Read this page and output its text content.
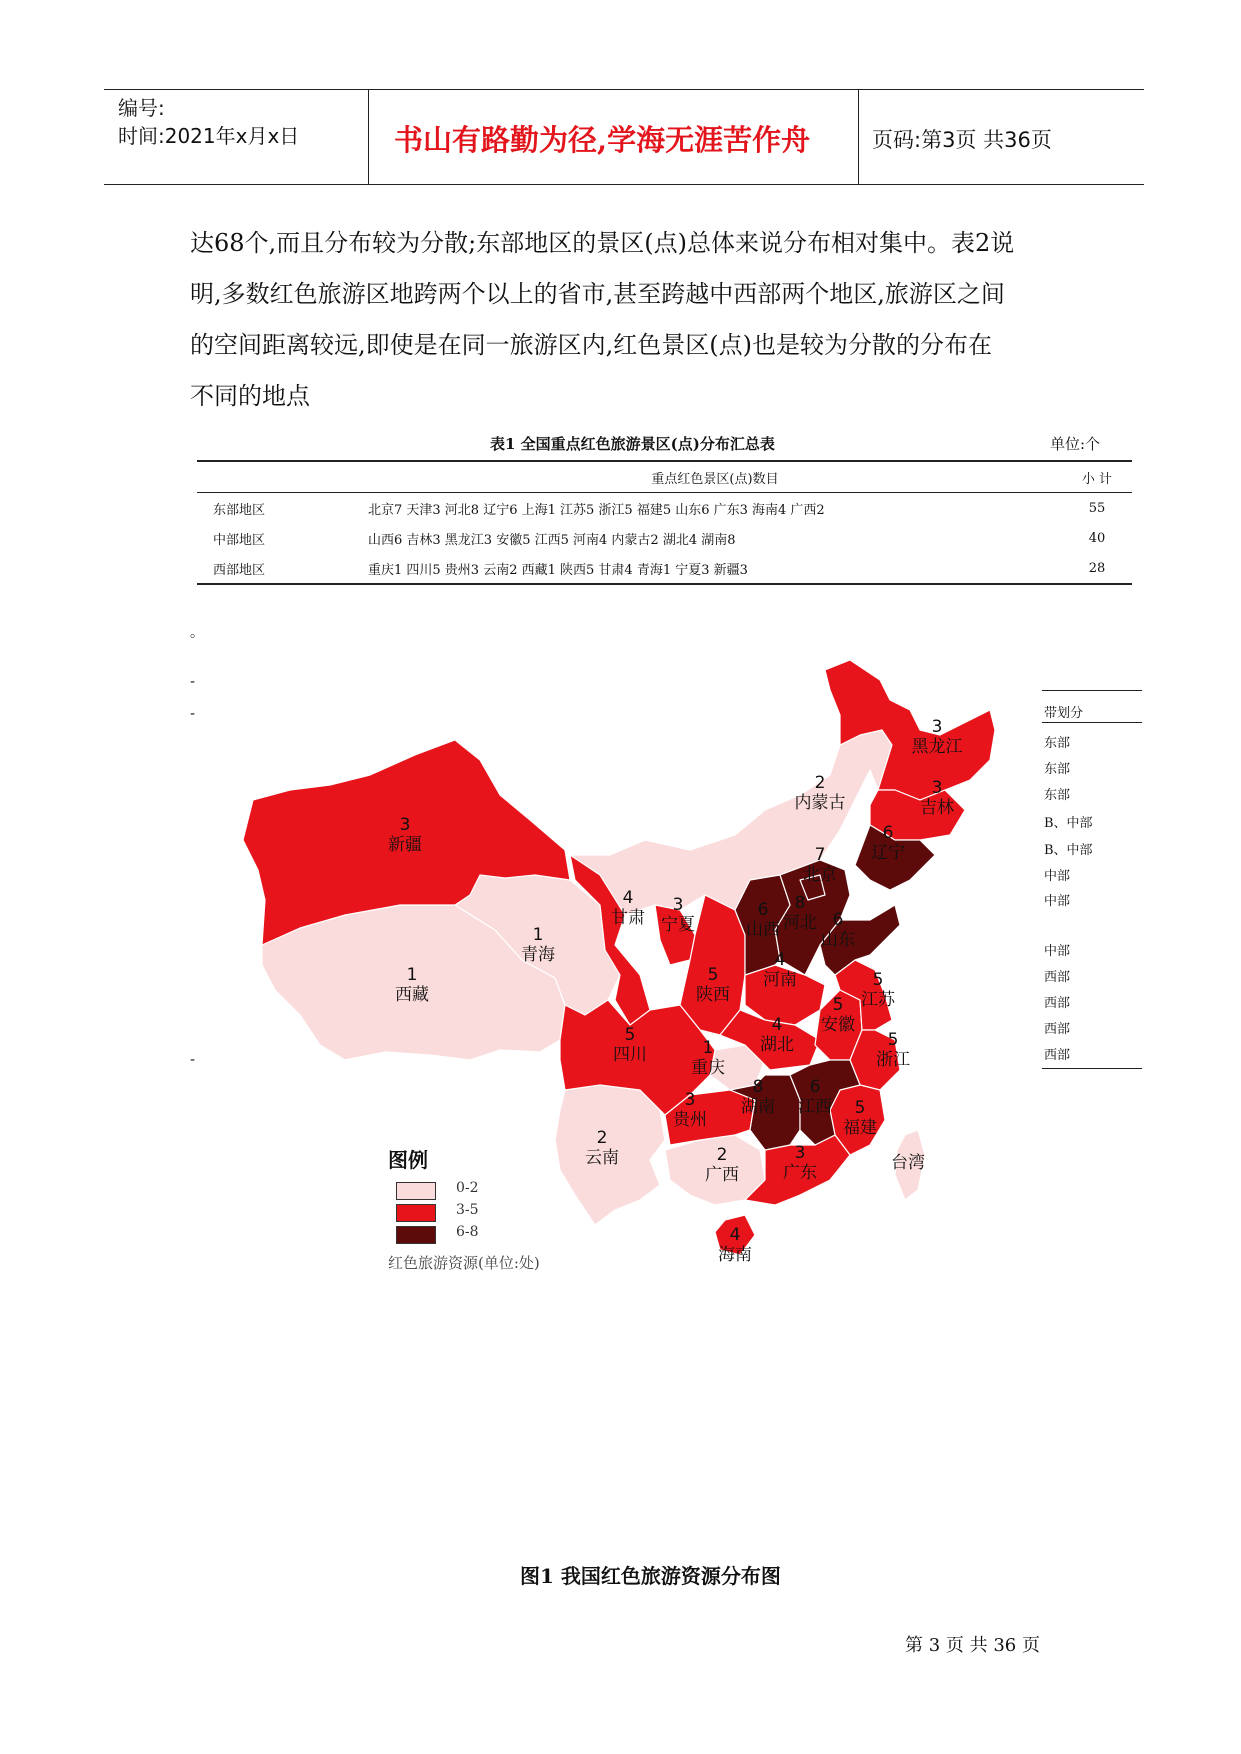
编号:
时间:2021年x月x日	书山有路勤为径,学海无涯苦作舟	页码:第3页 共36页

达68个,而且分布较为分散;东部地区的景区(点)总体来说分布相对集中。表2说

明,多数红色旅游区地跨两个以上的省市,甚至跨越中西部两个地区,旅游区之间

的空间距离较远,即使是在同一旅游区内,红色景区(点)也是较为分散的分布在

不同的地点

表1 全国重点红色旅游景区(点)分布汇总表	单位:个
	重点红色景区(点)数目	小 计
东部地区	北京7 天津3 河北8 辽宁6 上海1 江苏5 浙江5 福建5 山东6 广东3 海南4 广西2	55
中部地区	山西6 吉林3 黑龙江3 安徽5 江西5 河南4 内蒙古2 湖北4 湖南8	40
西部地区	重庆1 四川5 贵州3 云南2 西藏1 陕西5 甘肃4 青海1 宁夏3 新疆3	28
。
-
-
-
带划分
东部
东部
东部
B、中部
B、中部
中部
中部
中部
西部
西部
西部
西部
3
新疆
1
西藏
1
青海
4
甘肃
3
宁夏
2
内蒙古
3
黑龙江
3
吉林
6
辽宁
7
北京
8
河北
6
山西	6
山东
5
陕西
4
河南	5
江苏
5
安徽
5
四川
4
湖北	5
浙江
1
重庆
8
湖南
6
江西
3
贵州
5
福建
2
云南	2
广西
3
广东
4
海南
台湾
图例
0-2
3-5
6-8
红色旅游资源(单位:处)
图1 我国红色旅游资源分布图
第 3 页 共 36 页
